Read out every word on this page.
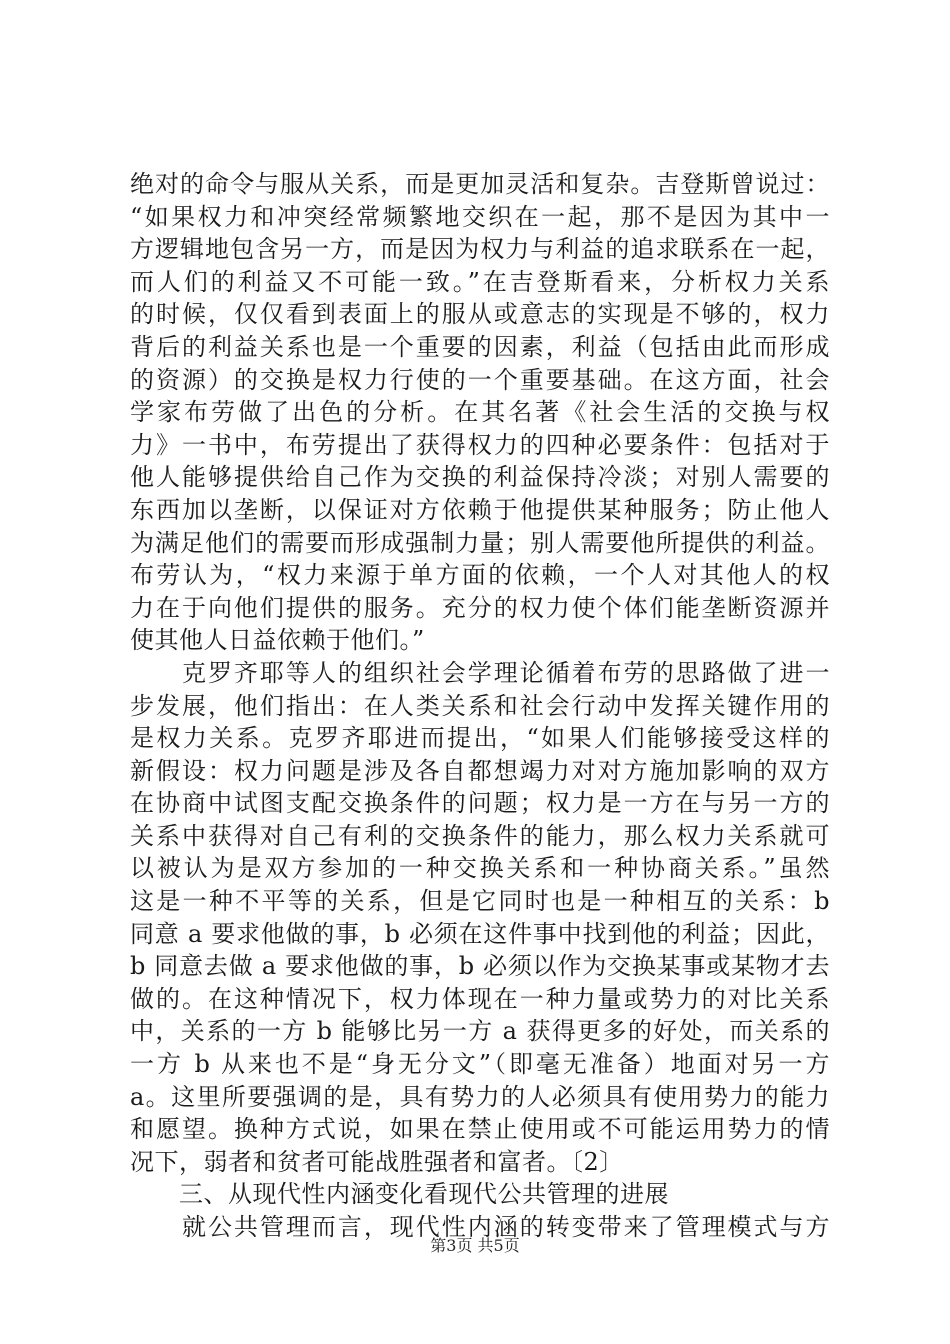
绝对的命令与服从关系，而是更加灵活和复杂。吉登斯曾说过：
“如果权力和冲突经常频繁地交织在一起，那不是因为其中一
方逻辑地包含另一方，而是因为权力与利益的追求联系在一起，
而人们的利益又不可能一致。”在吉登斯看来，分析权力关系
的时候，仅仅看到表面上的服从或意志的实现是不够的，权力
背后的利益关系也是一个重要的因素，利益（包括由此而形成
的资源）的交换是权力行使的一个重要基础。在这方面，社会
学家布劳做了出色的分析。在其名著《社会生活的交换与权
力》一书中，布劳提出了获得权力的四种必要条件：包括对于
他人能够提供给自己作为交换的利益保持冷淡；对别人需要的
东西加以垄断，以保证对方依赖于他提供某种服务；防止他人
为满足他们的需要而形成强制力量；别人需要他所提供的利益。
布劳认为，“权力来源于单方面的依赖，一个人对其他人的权
力在于向他们提供的服务。充分的权力使个体们能垄断资源并
使其他人日益依赖于他们。”
　　克罗齐耶等人的组织社会学理论循着布劳的思路做了进一
步发展，他们指出：在人类关系和社会行动中发挥关键作用的
是权力关系。克罗齐耶进而提出，“如果人们能够接受这样的
新假设：权力问题是涉及各自都想竭力对对方施加影响的双方
在协商中试图支配交换条件的问题；权力是一方在与另一方的
关系中获得对自己有利的交换条件的能力，那么权力关系就可
以被认为是双方参加的一种交换关系和一种协商关系。”虽然
这是一种不平等的关系，但是它同时也是一种相互的关系：b
同意 a 要求他做的事，b 必须在这件事中找到他的利益；因此，
b 同意去做 a 要求他做的事，b 必须以作为交换某事或某物才去
做的。在这种情况下，权力体现在一种力量或势力的对比关系
中，关系的一方 b 能够比另一方 a 获得更多的好处，而关系的
一方 b 从来也不是“身无分文”（即毫无准备）地面对另一方
a。这里所要强调的是，具有势力的人必须具有使用势力的能力
和愿望。换种方式说，如果在禁止使用或不可能运用势力的情
况下，弱者和贫者可能战胜强者和富者。〔2〕
　　三、从现代性内涵变化看现代公共管理的进展
　　就公共管理而言，现代性内涵的转变带来了管理模式与方
第3页 共5页
